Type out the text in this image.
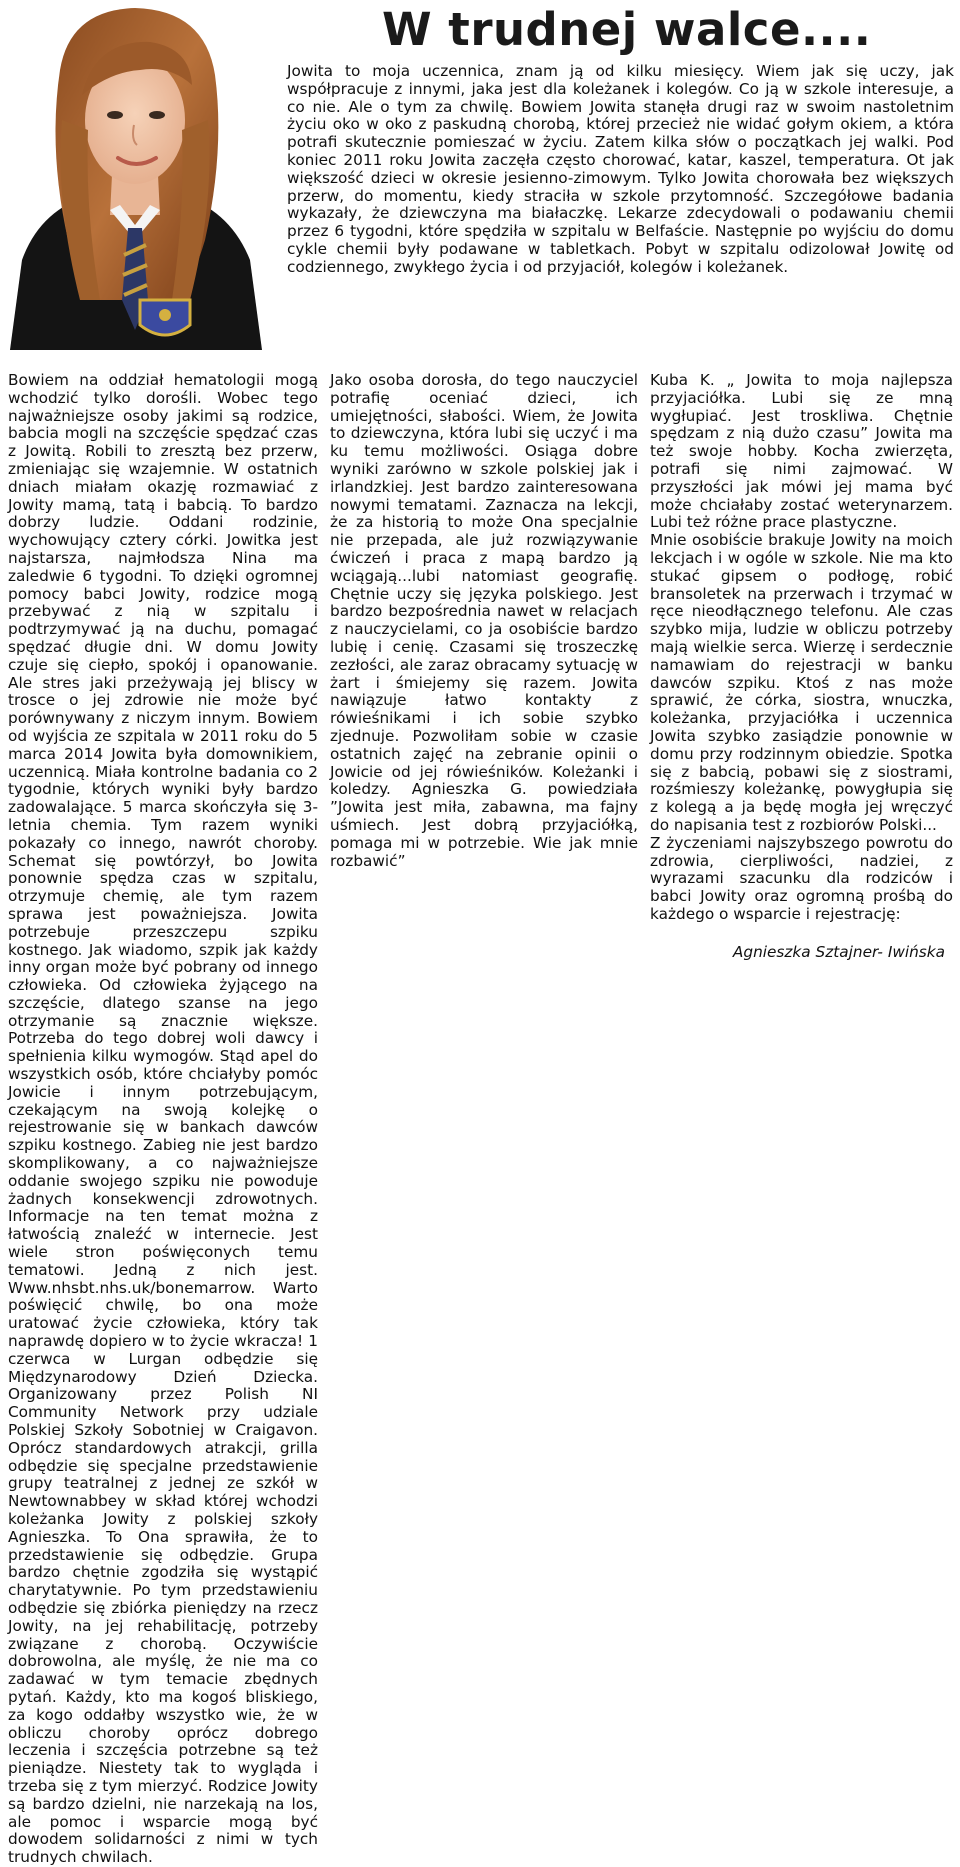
W trudnej walce....

Jowita to moja uczennica, znam ją od kilku miesięcy. Wiem jak się uczy, jak współpracuje z innymi, jaka jest dla koleżanek i kolegów. Co ją w szkole interesuje, a co nie. Ale o tym za chwilę. Bowiem Jowita stanęła drugi raz w swoim nastoletnim życiu oko w oko z paskudną chorobą, której przecież nie widać gołym okiem, a która potrafi skutecznie pomieszać w życiu. Zatem kilka słów o początkach jej walki. Pod koniec 2011 roku Jowita zaczęła często chorować, katar, kaszel, temperatura. Ot jak większość dzieci w okresie jesienno-zimowym. Tylko Jowita chorowała bez większych przerw, do momentu, kiedy straciła w szkole przytomność. Szczegółowe badania wykazały, że dziewczyna ma białaczkę. Lekarze zdecydowali o podawaniu chemii przez 6 tygodni, które spędziła w szpitalu w Belfaście. Następnie po wyjściu do domu cykle chemii były podawane w tabletkach. Pobyt w szpitalu odizolował Jowitę od codziennego, zwykłego życia i od przyjaciół, kolegów i koleżanek.

Bowiem na oddział hematologii mogą wchodzić tylko dorośli. Wobec tego najważniejsze osoby jakimi są rodzice, babcia mogli na szczęście spędzać czas z Jowitą. Robili to zresztą bez przerw, zmieniając się wzajemnie. W ostatnich dniach miałam okazję rozmawiać z Jowity mamą, tatą i babcią. To bardzo dobrzy ludzie. Oddani rodzinie, wychowujący cztery córki. Jowitka jest najstarsza, najmłodsza Nina ma zaledwie 6 tygodni. To dzięki ogromnej pomocy babci Jowity, rodzice mogą przebywać z nią w szpitalu i podtrzymywać ją na duchu, pomagać spędzać długie dni. W domu Jowity czuje się ciepło, spokój i opanowanie. Ale stres jaki przeżywają jej bliscy w trosce o jej zdrowie nie może być porównywany z niczym innym. Bowiem od wyjścia ze szpitala w 2011 roku do 5 marca 2014 Jowita była domownikiem, uczennicą. Miała kontrolne badania co 2 tygodnie, których wyniki były bardzo zadowalające. 5 marca skończyła się 3-letnia chemia. Tym razem wyniki pokazały co innego, nawrót choroby. Schemat się powtórzył, bo Jowita ponownie spędza czas w szpitalu, otrzymuje chemię, ale tym razem sprawa jest poważniejsza. Jowita potrzebuje przeszczepu szpiku kostnego. Jak wiadomo, szpik jak każdy inny organ może być pobrany od innego człowieka. Od człowieka żyjącego na szczęście, dlatego szanse na jego otrzymanie są znacznie większe. Potrzeba do tego dobrej woli dawcy i spełnienia kilku wymogów. Stąd apel do wszystkich osób, które chciałyby pomóc Jowicie i innym potrzebującym, czekającym na swoją kolejkę o rejestrowanie się w bankach dawców szpiku kostnego. Zabieg nie jest bardzo skomplikowany, a co najważniejsze oddanie swojego szpiku nie powoduje żadnych konsekwencji zdrowotnych. Informacje na ten temat można z łatwością znaleźć w internecie. Jest wiele stron poświęconych temu tematowi. Jedną z nich jest. Www.nhsbt.nhs.uk/bonemarrow. Warto poświęcić chwilę, bo ona może uratować życie człowieka, który tak naprawdę dopiero w to życie wkracza! 1 czerwca w Lurgan odbędzie się Międzynarodowy Dzień Dziecka. Organizowany przez Polish NI Community Network przy udziale Polskiej Szkoły Sobotniej w Craigavon. Oprócz standardowych atrakcji, grilla odbędzie się specjalne przedstawienie grupy teatralnej z jednej ze szkół w Newtownabbey w skład której wchodzi koleżanka Jowity z polskiej szkoły Agnieszka. To Ona sprawiła, że to przedstawienie się odbędzie. Grupa bardzo chętnie zgodziła się wystąpić charytatywnie. Po tym przedstawieniu odbędzie się zbiórka pieniędzy na rzecz Jowity, na jej rehabilitację, potrzeby związane z chorobą. Oczywiście dobrowolna, ale myślę, że nie ma co zadawać w tym temacie zbędnych pytań. Każdy, kto ma kogoś bliskiego, za kogo oddałby wszystko wie, że w obliczu choroby oprócz dobrego leczenia i szczęścia potrzebne są też pieniądze. Niestety tak to wygląda i trzeba się z tym mierzyć. Rodzice Jowity są bardzo dzielni, nie narzekają na los, ale pomoc i wsparcie mogą być dowodem solidarności z nimi w tych trudnych chwilach.

Jako osoba dorosła, do tego nauczyciel potrafię oceniać dzieci, ich umiejętności, słabości. Wiem, że Jowita to dziewczyna, która lubi się uczyć i ma ku temu możliwości. Osiąga dobre wyniki zarówno w szkole polskiej jak i irlandzkiej. Jest bardzo zainteresowana nowymi tematami. Zaznacza na lekcji, że za historią to może Ona specjalnie nie przepada, ale już rozwiązywanie ćwiczeń i praca z mapą bardzo ją wciągają...lubi natomiast geografię. Chętnie uczy się języka polskiego. Jest bardzo bezpośrednia nawet w relacjach z nauczycielami, co ja osobiście bardzo lubię i cenię. Czasami się troszeczkę zezłości, ale zaraz obracamy sytuację w żart i śmiejemy się razem. Jowita nawiązuje łatwo kontakty z rówieśnikami i ich sobie szybko zjednuje. Pozwoliłam sobie w czasie ostatnich zajęć na zebranie opinii o Jowicie od jej rówieśników. Koleżanki i koledzy. Agnieszka G. powiedziała ”Jowita jest miła, zabawna, ma fajny uśmiech. Jest dobrą przyjaciółką, pomaga mi w potrzebie. Wie jak mnie rozbawić”

Kuba K. „ Jowita to moja najlepsza przyjaciółka. Lubi się ze mną wygłupiać. Jest troskliwa. Chętnie spędzam z nią dużo czasu” Jowita ma też swoje hobby. Kocha zwierzęta, potrafi się nimi zajmować. W przyszłości jak mówi jej mama być może chciałaby zostać weterynarzem. Lubi też różne prace plastyczne.

Mnie osobiście brakuje Jowity na moich lekcjach i w ogóle w szkole. Nie ma kto stukać gipsem o podłogę, robić bransoletek na przerwach i trzymać w ręce nieodłącznego telefonu. Ale czas szybko mija, ludzie w obliczu potrzeby mają wielkie serca. Wierzę i serdecznie namawiam do rejestracji w banku dawców szpiku. Ktoś z nas może sprawić, że córka, siostra, wnuczka, koleżanka, przyjaciółka i uczennica Jowita szybko zasiądzie ponownie w domu przy rodzinnym obiedzie. Spotka się z babcią, pobawi się z siostrami, rozśmieszy koleżankę, powygłupia się z kolegą a ja będę mogła jej wręczyć do napisania test z rozbiorów Polski...

Z życzeniami najszybszego powrotu do zdrowia, cierpliwości, nadziei, z wyrazami szacunku dla rodziców i babci Jowity oraz ogromną prośbą do każdego o wsparcie i rejestrację:

Agnieszka Sztajner- Iwińska
